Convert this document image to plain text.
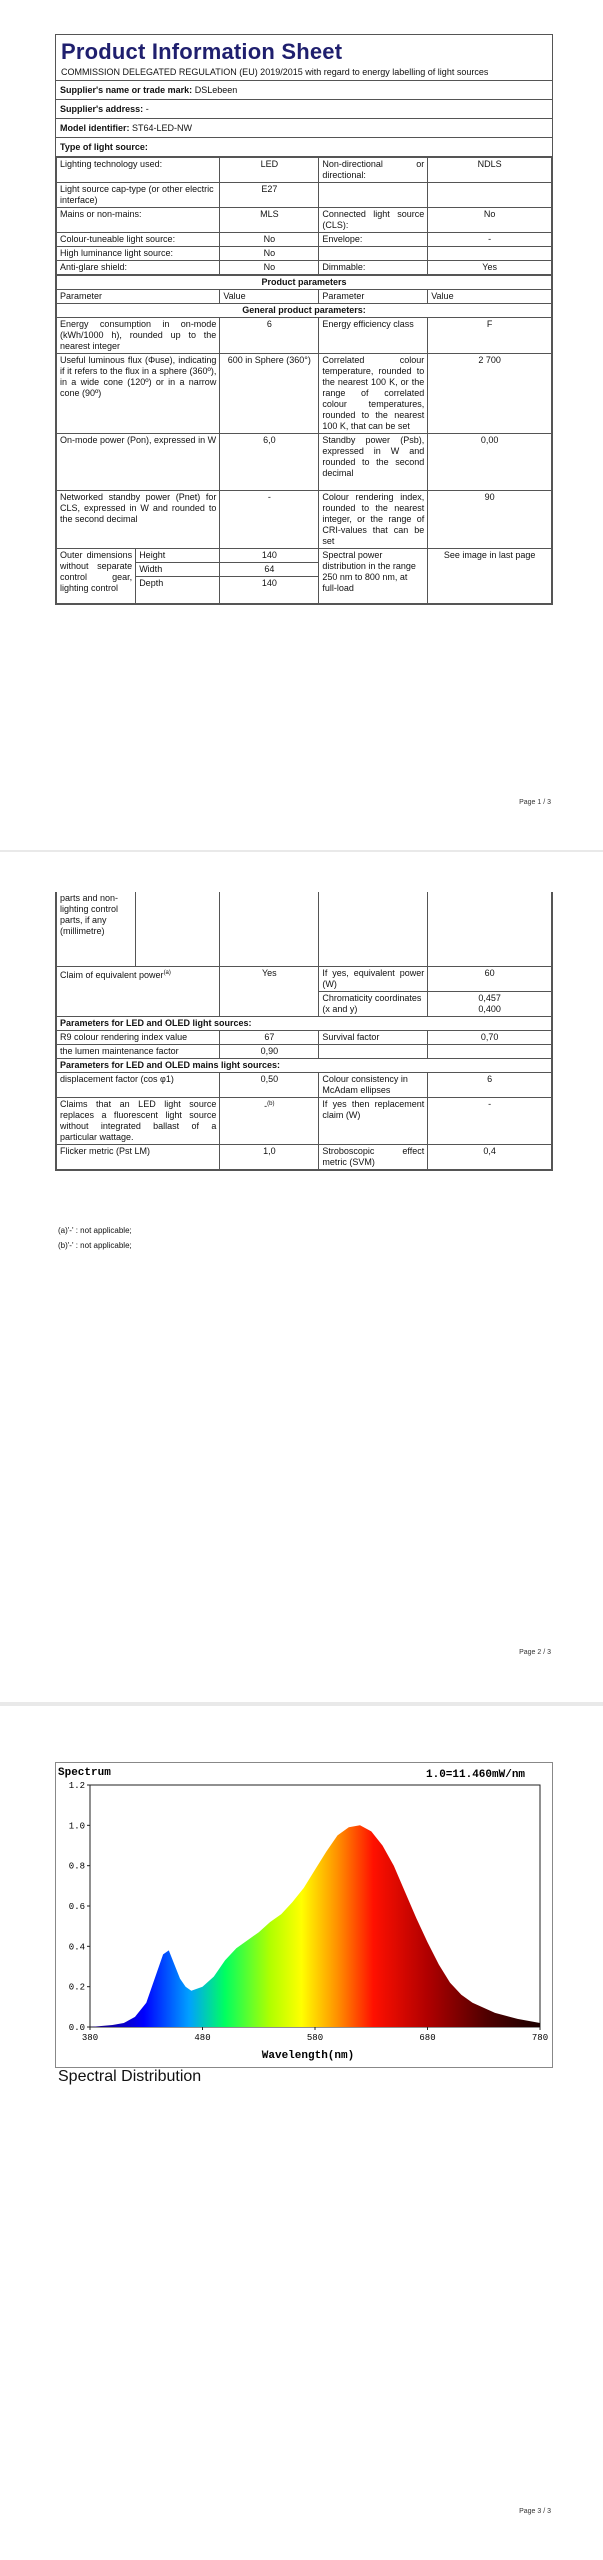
Product Information Sheet
COMMISSION DELEGATED REGULATION (EU) 2019/2015 with regard to energy labelling of light sources
Supplier's name or trade mark: DSLebeen
Supplier's address: -
Model identifier: ST64-LED-NW
Type of light source:
Lighting technology used:	LED	Non-directional or directional:	NDLS
Light source cap-type (or other electric interface)	E27		
Mains or non-mains:	MLS	Connected light source (CLS):	No
Colour-tuneable light source:	No	Envelope:	-
High luminance light source:	No		
Anti-glare shield:	No	Dimmable:	Yes
Product parameters				
Parameter		Value	Parameter	Value
General product parameters:				
Energy consumption in on-mode (kWh/1000 h), rounded up to the nearest integer		6	Energy efficiency class	F
Useful luminous flux (Φuse), indicating if it refers to the flux in a sphere (360º), in a wide cone (120º) or in a narrow cone (90º)		600 in Sphere (360°)	Correlated colour temperature, rounded to the nearest 100 K, or the range of correlated colour temperatures, rounded to the nearest 100 K, that can be set	2 700
On-mode power (Pon), expressed in W		6,0	Standby power (Psb), expressed in W and rounded to the second decimal	0,00
Networked standby power (Pnet) for CLS, expressed in W and rounded to the second decimal		-	Colour rendering index, rounded to the nearest integer, or the range of CRI-values that can be set	90
Outer dimensions without separate control gear, lighting control	Height	140	Spectral power distribution in the range 250 nm to 800 nm, at full-load	See image in last page
	Width	64		
	Depth	140		
Page 1 / 3
parts and non-lighting control parts, if any (millimetre)				
Claim of equivalent power$^{(a)}$		Yes	If yes, equivalent power (W)	60
			Chromaticity coordinates (x and y)	0,457
0,400
Parameters for LED and OLED light sources:				
R9 colour rendering index value		67	Survival factor	0,70
the lumen maintenance factor		0,90		
Parameters for LED and OLED mains light sources:				
displacement factor (cos φ1)		0,50	Colour consistency in McAdam ellipses	6
Claims that an LED light source replaces a fluorescent light source without integrated ballast of a particular wattage.		-$^{(b)}$	If yes then replacement claim (W)	-
Flicker metric (Pst LM)		1,0	Stroboscopic effect metric (SVM)	0,4
(a)'-' : not applicable;
(b)'-' : not applicable;
Page 2 / 3
Spectrum	1.0=11.460mW/nm
0.0
0.2
0.4
0.6
0.8
1.0
1.2
380	480	580	680	780
Wavelength(nm)
Spectral Distribution
Page 3 / 3
